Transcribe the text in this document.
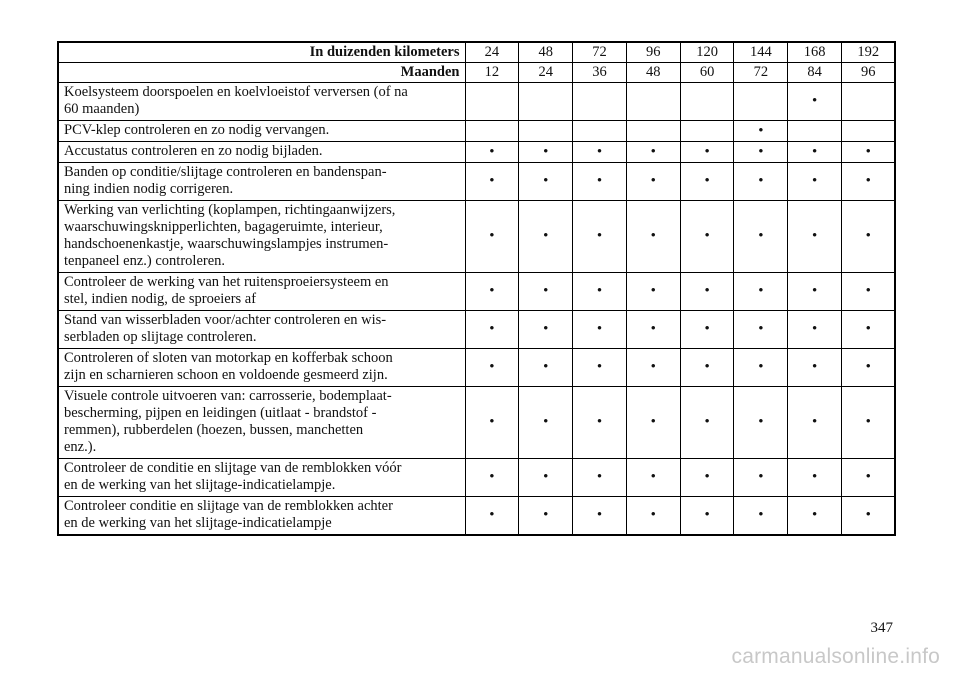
In duizenden kilometers	24	48	72	96	120	144	168	192
Maanden	12	24	36	48	60	72	84	96

Koelsysteem doorspoelen en koelvloeistof verversen (of na
60 maanden)							•	

PCV-klep controleren en zo nodig vervangen.						•		

Accustatus controleren en zo nodig bijladen.	•	•	•	•	•	•	•	•

Banden op conditie/slijtage controleren en bandenspan-
ning indien nodig corrigeren.	•	•	•	•	•	•	•	•

Werking van verlichting (koplampen, richtingaanwijzers,
waarschuwingsknipperlichten, bagageruimte, interieur,
handschoenenkastje, waarschuwingslampjes instrumen-
tenpaneel enz.) controleren.	•	•	•	•	•	•	•	•

Controleer de werking van het ruitensproeiersysteem en
stel, indien nodig, de sproeiers af	•	•	•	•	•	•	•	•

Stand van wisserbladen voor/achter controleren en wis-
serbladen op slijtage controleren.	•	•	•	•	•	•	•	•

Controleren of sloten van motorkap en kofferbak schoon
zijn en scharnieren schoon en voldoende gesmeerd zijn.	•	•	•	•	•	•	•	•

Visuele controle uitvoeren van: carrosserie, bodemplaat-
bescherming, pijpen en leidingen (uitlaat - brandstof -
remmen), rubberdelen (hoezen, bussen, manchetten
enz.).	•	•	•	•	•	•	•	•

Controleer de conditie en slijtage van de remblokken vóór
en de werking van het slijtage-indicatielampje.	•	•	•	•	•	•	•	•

Controleer conditie en slijtage van de remblokken achter
en de werking van het slijtage-indicatielampje	•	•	•	•	•	•	•	•
347
carmanualsonline.info
